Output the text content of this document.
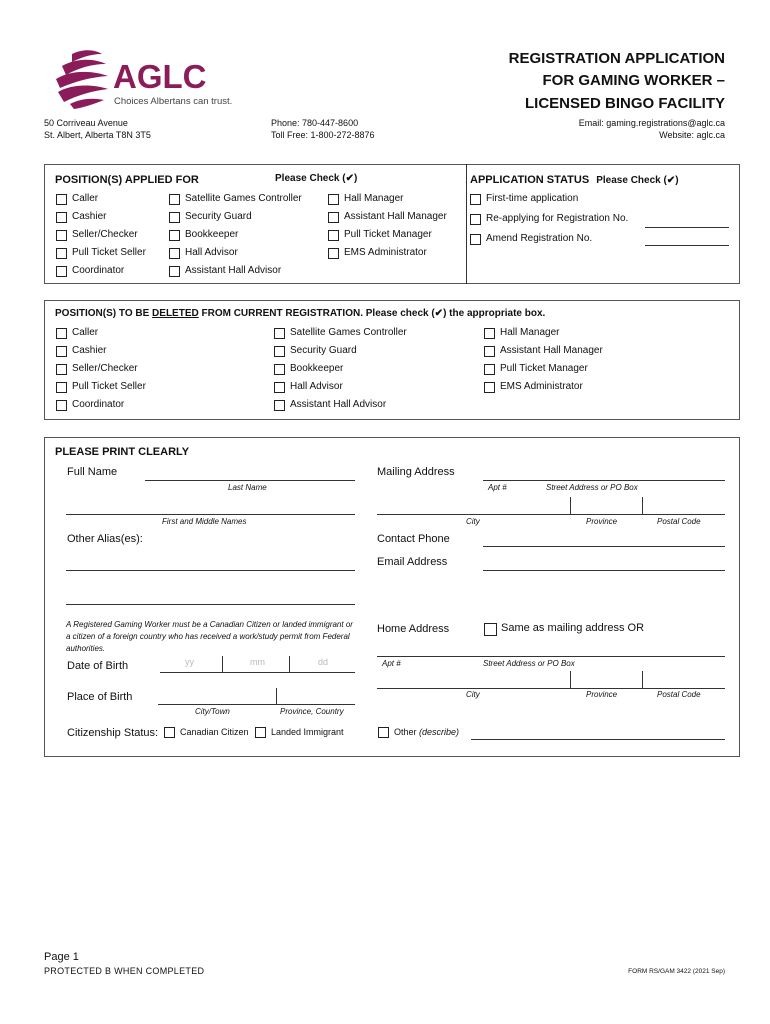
AGLC
Choices Albertans can trust.
REGISTRATION APPLICATION
FOR GAMING WORKER –
LICENSED BINGO FACILITY
50 Corriveau Avenue
St. Albert, Alberta T8N 3T5
Phone: 780-447-8600
Toll Free: 1-800-272-8876
Email: gaming.registrations@aglc.ca
Website: aglc.ca
POSITION(S) APPLIED FOR	Please Check (✔)
Caller
Cashier
Seller/Checker
Pull Ticket Seller
Coordinator
Satellite Games Controller
Security Guard
Bookkeeper
Hall Advisor
Assistant Hall Advisor
Hall Manager
Assistant Hall Manager
Pull Ticket Manager
EMS Administrator
APPLICATION STATUS Please Check (✔)
First-time application
Re-applying for Registration No.
Amend Registration No.
POSITION(S) TO BE DELETED FROM CURRENT REGISTRATION. Please check (✔) the appropriate box.
Caller
Cashier
Seller/Checker
Pull Ticket Seller
Coordinator
Satellite Games Controller
Security Guard
Bookkeeper
Hall Advisor
Assistant Hall Advisor
Hall Manager
Assistant Hall Manager
Pull Ticket Manager
EMS Administrator
PLEASE PRINT CLEARLY
Full Name
Last Name
First and Middle Names
Other Alias(es):
A Registered Gaming Worker must be a Canadian Citizen or landed immigrant or a citizen of a foreign country who has received a work/study permit from Federal authorities.
Date of Birth	yy	mm	dd
Place of Birth
City/Town	Province, Country
Citizenship Status: Canadian Citizen Landed Immigrant
Mailing Address
Apt #	Street Address or PO Box
City	Province	Postal Code
Contact Phone
Email Address
Home Address	Same as mailing address OR
Apt #	Street Address or PO Box
City	Province	Postal Code
Other (describe)
Page 1
PROTECTED B WHEN COMPLETED	FORM RS/GAM 3422 (2021 Sep)
